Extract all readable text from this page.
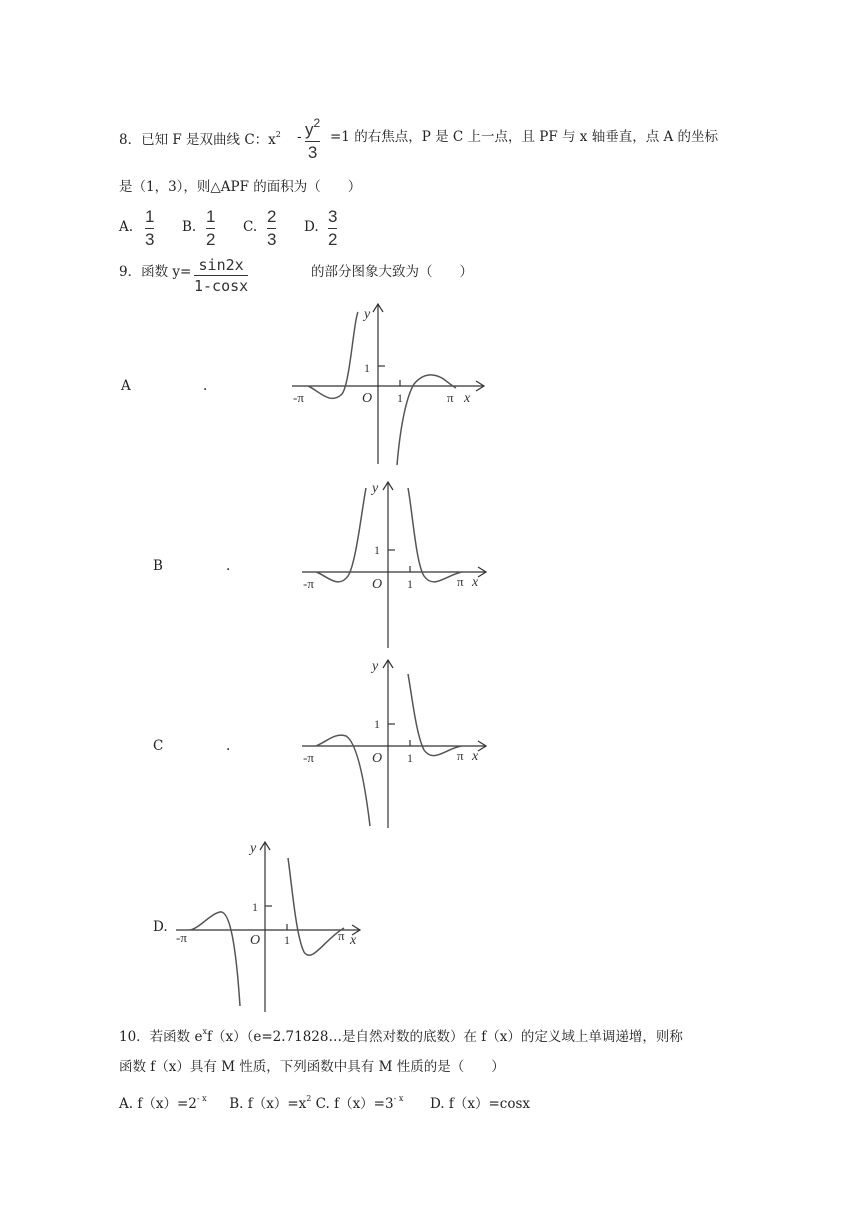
8．已知 F 是双曲线 C：$x^2 - y^2$
3
=1 的右焦点，P 是 C 上一点，且 PF 与 x 轴垂直，点 A 的坐标
是（1，3），则△APF 的面积为（　　）
A.
1
3
B.
1
2
C.
2
3
D.
3
2
9．函数 y= sin2x
1-cosx
的部分图象大致为（　　）
A	.
y
1
-π	O 1	π x
B	.
y
1
-π	O 1	π x
C	.
y
1
-π	O 1	π x
D.
y
1
-π	O 1	π x
10．若函数 $e^xf(x)(e=2.71828\dots$是自然对数的底数）在 f（x）的定义域上单调递增，则称
函数 f（x）具有 M 性质，下列函数中具有 M 性质的是（　　）
A. $f(x)=2^{- x}$ B. $f(x)=x^2$ C. $f(x)=3^{- x}$ D. f（x）=cosx
